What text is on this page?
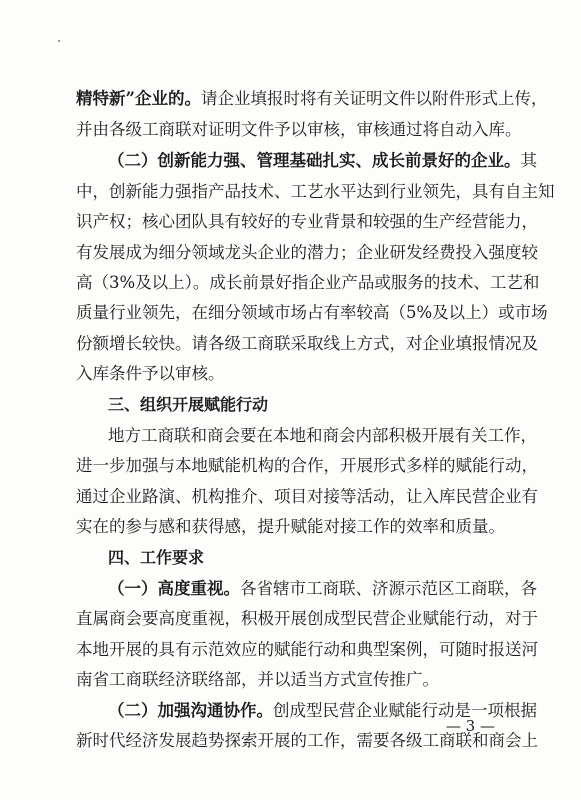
精特新”企业的。请企业填报时将有关证明文件以附件形式上传，
并由各级工商联对证明文件予以审核，审核通过将自动入库。
（二）创新能力强、管理基础扎实、成长前景好的企业。其
中，创新能力强指产品技术、工艺水平达到行业领先，具有自主知
识产权；核心团队具有较好的专业背景和较强的生产经营能力，
有发展成为细分领域龙头企业的潜力；企业研发经费投入强度较
高（3%及以上）。成长前景好指企业产品或服务的技术、工艺和
质量行业领先，在细分领域市场占有率较高（5%及以上）或市场
份额增长较快。请各级工商联采取线上方式，对企业填报情况及
入库条件予以审核。
三、组织开展赋能行动
地方工商联和商会要在本地和商会内部积极开展有关工作，
进一步加强与本地赋能机构的合作，开展形式多样的赋能行动，
通过企业路演、机构推介、项目对接等活动，让入库民营企业有
实在的参与感和获得感，提升赋能对接工作的效率和质量。
四、工作要求
（一）高度重视。各省辖市工商联、济源示范区工商联，各
直属商会要高度重视，积极开展创成型民营企业赋能行动，对于
本地开展的具有示范效应的赋能行动和典型案例，可随时报送河
南省工商联经济联络部，并以适当方式宣传推广。
（二）加强沟通协作。创成型民营企业赋能行动是一项根据
新时代经济发展趋势探索开展的工作，需要各级工商联和商会上
— 3 —
